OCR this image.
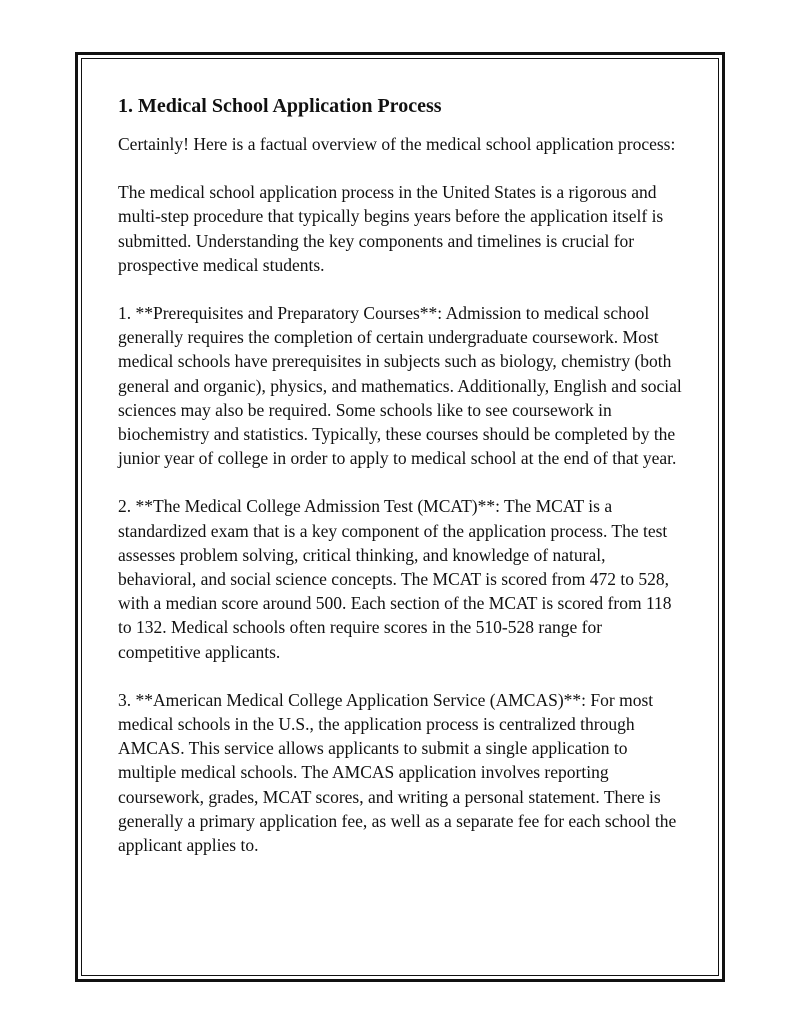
1. Medical School Application Process

Certainly! Here is a factual overview of the medical school application process:

The medical school application process in the United States is a rigorous and multi-step procedure that typically begins years before the application itself is submitted. Understanding the key components and timelines is crucial for prospective medical students.

1. **Prerequisites and Preparatory Courses**: Admission to medical school generally requires the completion of certain undergraduate coursework. Most medical schools have prerequisites in subjects such as biology, chemistry (both general and organic), physics, and mathematics. Additionally, English and social sciences may also be required. Some schools like to see coursework in biochemistry and statistics. Typically, these courses should be completed by the junior year of college in order to apply to medical school at the end of that year.

2. **The Medical College Admission Test (MCAT)**: The MCAT is a standardized exam that is a key component of the application process. The test assesses problem solving, critical thinking, and knowledge of natural, behavioral, and social science concepts. The MCAT is scored from 472 to 528, with a median score around 500. Each section of the MCAT is scored from 118 to 132. Medical schools often require scores in the 510-528 range for competitive applicants.

3. **American Medical College Application Service (AMCAS)**: For most medical schools in the U.S., the application process is centralized through AMCAS. This service allows applicants to submit a single application to multiple medical schools. The AMCAS application involves reporting coursework, grades, MCAT scores, and writing a personal statement. There is generally a primary application fee, as well as a separate fee for each school the applicant applies to.
